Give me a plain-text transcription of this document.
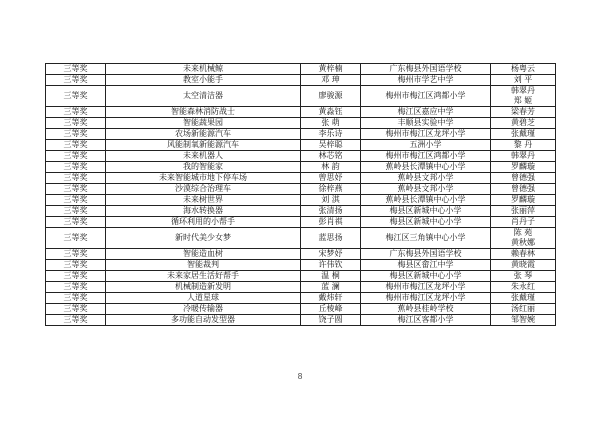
三等奖	未来机械鲸	黄梓楠	广东梅县外国语学校	杨粤云

三等奖	教室小能手	邓 珅	梅州市学艺中学	刘 平

三等奖	太空清洁器	廖骏源	梅州市梅江区鸿都小学	韩翠丹
郑 姬

三等奖	智能森林消防战士	黄淼钰	梅江区嘉应中学	梁春芳

三等奖	智能蔬果园	张 萌	丰顺县实验中学	黄碧芝

三等奖	农场新能源汽车	李乐诗	梅州市梅江区龙坪小学	张戴瑾

三等奖	风能制氧新能源汽车	吴梓聪	五洲小学	黎 丹

三等奖	未来机器人	林芯铭	梅州市梅江区鸿都小学	韩翠丹

三等奖	我的智能家	林 韵	蕉岭县长潭镇中心小学	罗麟璇

三等奖	未来智能城市地下停车场	曾思妤	蕉岭县文邦小学	曾德强

三等奖	沙漠综合治理车	徐梓燕	蕉岭县文邦小学	曾德强

三等奖	未来树世界	刘 淇	蕉岭县长潭镇中心小学	罗麟璇

三等奖	海水转换器	张清扬	梅县区新城中心小学	张丽萍

三等奖	循环利用的小帮手	彭肖祺	梅县区新城中心小学	肖丹子

三等奖	新时代美少女梦	蓝思扬	梅江区三角镇中心小学	陈 苑
黄秋娜

三等奖	智能造血树	宋梦妤	广东梅县外国语学校	赖春林

三等奖	智能裁判	许伟钦	梅县区畲江中学	黄晓霞

三等奖	未来家居生活好帮手	温 桐	梅县区新城中心小学	张 琴

三等奖	机械制造新发明	蓝 澜	梅州市梅江区龙坪小学	朱永红

三等奖	人道星球	戴炜轩	梅州市梅江区龙坪小学	张戴瑾

三等奖	冷暖传输器	丘棱峰	蕉岭县桂岭学校	汤红丽

三等奖	多功能自动发型器	饶子圆	梅江区客都小学	邹智婉
8
